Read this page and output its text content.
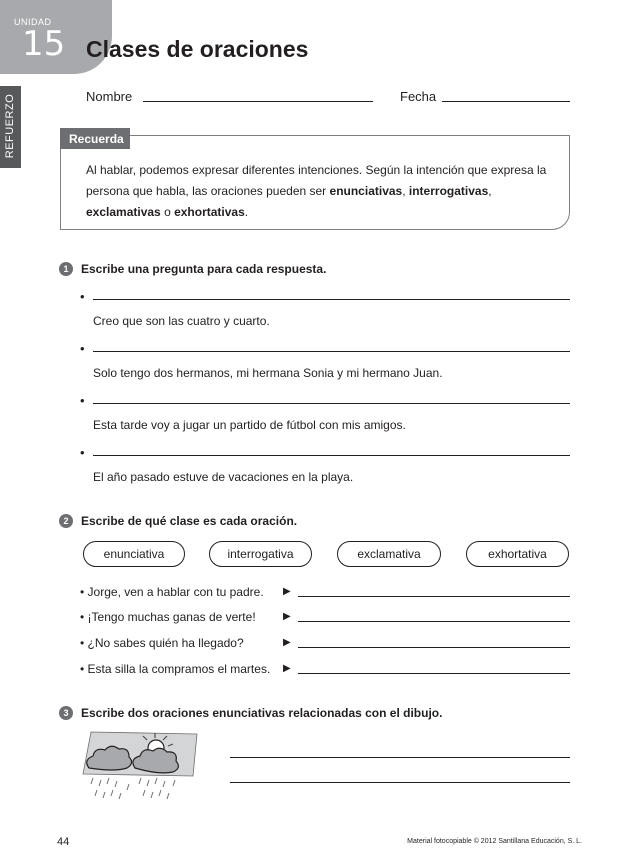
UNIDAD
15
REFUERZO
Clases de oraciones
Nombre	Fecha
Recuerda
Al hablar, podemos expresar diferentes intenciones. Según la intención que expresa la persona que habla, las oraciones pueden ser enunciativas, interrogativas, exclamativas o exhortativas.
1	Escribe una pregunta para cada respuesta.
•
Creo que son las cuatro y cuarto.
•
Solo tengo dos hermanos, mi hermana Sonia y mi hermano Juan.
•
Esta tarde voy a jugar un partido de fútbol con mis amigos.
•
El año pasado estuve de vacaciones en la playa.
2	Escribe de qué clase es cada oración.
enunciativa	interrogativa	exclamativa	exhortativa
• Jorge, ven a hablar con tu padre. ▶
• ¡Tengo muchas ganas de verte!	▶
• ¿No sabes quién ha llegado?	▶
• Esta silla la compramos el martes. ▶
3	Escribe dos oraciones enunciativas relacionadas con el dibujo.
44	Material fotocopiable © 2012 Santillana Educación, S. L.
